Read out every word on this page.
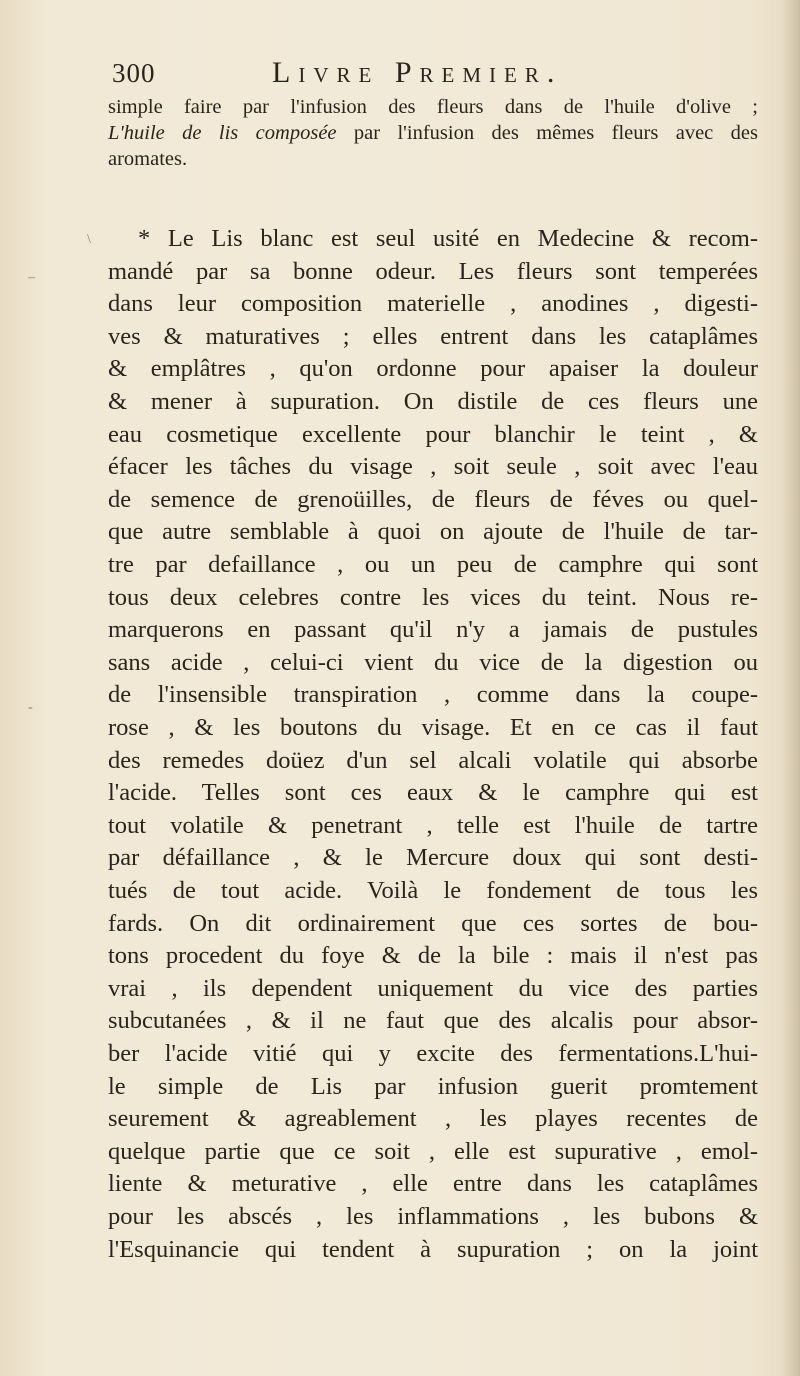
300	Livre Premier.
simple faire par l'infusion des fleurs dans de l'huile d'olive ;
L'huile de lis composée par l'infusion des mêmes fleurs avec des
aromates.
\
–
-
* Le Lis blanc est seul usité en Medecine & recom-
mandé par sa bonne odeur. Les fleurs sont temperées
dans leur composition materielle , anodines , digesti-
ves & maturatives ; elles entrent dans les cataplâmes
& emplâtres , qu'on ordonne pour apaiser la douleur
& mener à supuration. On distile de ces fleurs une
eau cosmetique excellente pour blanchir le teint , &
éfacer les tâches du visage , soit seule , soit avec l'eau
de semence de grenoüilles, de fleurs de féves ou quel-
que autre semblable à quoi on ajoute de l'huile de tar-
tre par defaillance , ou un peu de camphre qui sont
tous deux celebres contre les vices du teint. Nous re-
marquerons en passant qu'il n'y a jamais de pustules
sans acide , celui-ci vient du vice de la digestion ou
de l'insensible transpiration , comme dans la coupe-
rose , & les boutons du visage. Et en ce cas il faut
des remedes doüez d'un sel alcali volatile qui absorbe
l'acide. Telles sont ces eaux & le camphre qui est
tout volatile & penetrant , telle est l'huile de tartre
par défaillance , & le Mercure doux qui sont desti-
tués de tout acide. Voilà le fondement de tous les
fards. On dit ordinairement que ces sortes de bou-
tons procedent du foye & de la bile : mais il n'est pas
vrai , ils dependent uniquement du vice des parties
subcutanées , & il ne faut que des alcalis pour absor-
ber l'acide vitié qui y excite des fermentations.L'hui-
le simple de Lis par infusion guerit promtement
seurement & agreablement , les playes recentes de
quelque partie que ce soit , elle est supurative , emol-
liente & meturative , elle entre dans les cataplâmes
pour les abscés , les inflammations , les bubons &
l'Esquinancie qui tendent à supuration ; on la joint
